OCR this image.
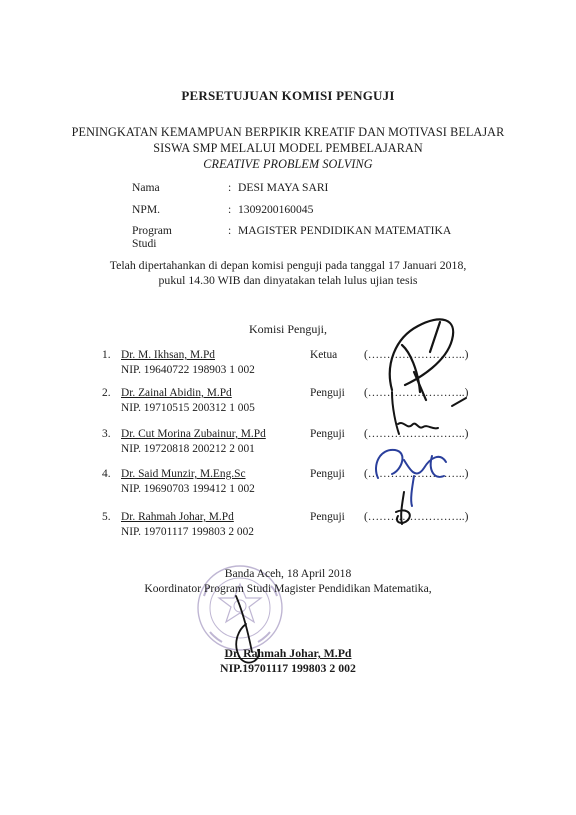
PERSETUJUAN KOMISI PENGUJI
PENINGKATAN KEMAMPUAN BERPIKIR KREATIF DAN MOTIVASI BELAJAR
SISWA SMP MELALUI MODEL PEMBELAJARAN
CREATIVE PROBLEM SOLVING
Nama	: DESI MAYA SARI
NPM.	: 1309200160045
Program Studi
: MAGISTER PENDIDIKAN MATEMATIKA
Telah dipertahankan di depan komisi penguji pada tanggal 17 Januari 2018,
pukul 14.30 WIB dan dinyatakan telah lulus ujian tesis
Komisi Penguji,
1. Dr. M. Ikhsan, M.Pd
NIP. 19640722 198903 1 002
Ketua (……………………..)
2. Dr. Zainal Abidin, M.Pd
NIP. 19710515 200312 1 005
Penguji (……………………..)
3. Dr. Cut Morina Zubainur, M.Pd
NIP. 19720818 200212 2 001
Penguji (……………………..)
4. Dr. Said Munzir, M.Eng.Sc
NIP. 19690703 199412 1 002
Penguji (……………………..)
5. Dr. Rahmah Johar, M.Pd
NIP. 19701117 199803 2 002
Penguji (……………………..)
Banda Aceh, 18 April 2018
Koordinator Program Studi Magister Pendidikan Matematika,
Dr. Rahmah Johar, M.Pd
NIP.19701117 199803 2 002
